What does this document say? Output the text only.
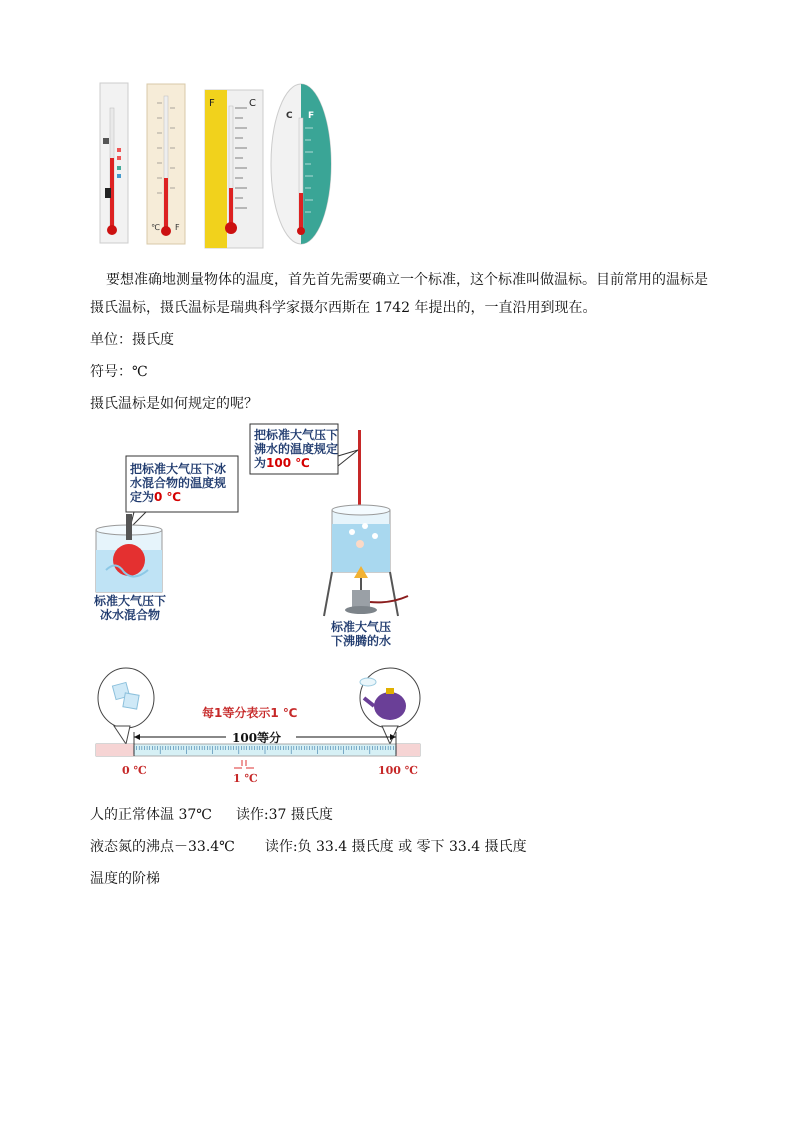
℃ F
F	C
C F
要想准确地测量物体的温度，首先首先需要确立一个标准，这个标准叫做温标。目前常用的温标是
摄氏温标，摄氏温标是瑞典科学家摄尔西斯在 1742 年提出的，一直沿用到现在。
单位：摄氏度
符号：℃
摄氏温标是如何规定的呢？
把标准大气压下冰
水混合物的温度规
定为0 ℃
标准大气压下
冰水混合物
把标准大气压下
沸水的温度规定
为100 ℃
标准大气压
下沸腾的水
每1等分表示1 ℃
100等分
0 ℃
1 ℃
100 ℃
人的正常体温 37℃ 读作:37 摄氏度
液态氮的沸点－33.4℃ 读作:负 33.4 摄氏度 或 零下 33.4 摄氏度
温度的阶梯
